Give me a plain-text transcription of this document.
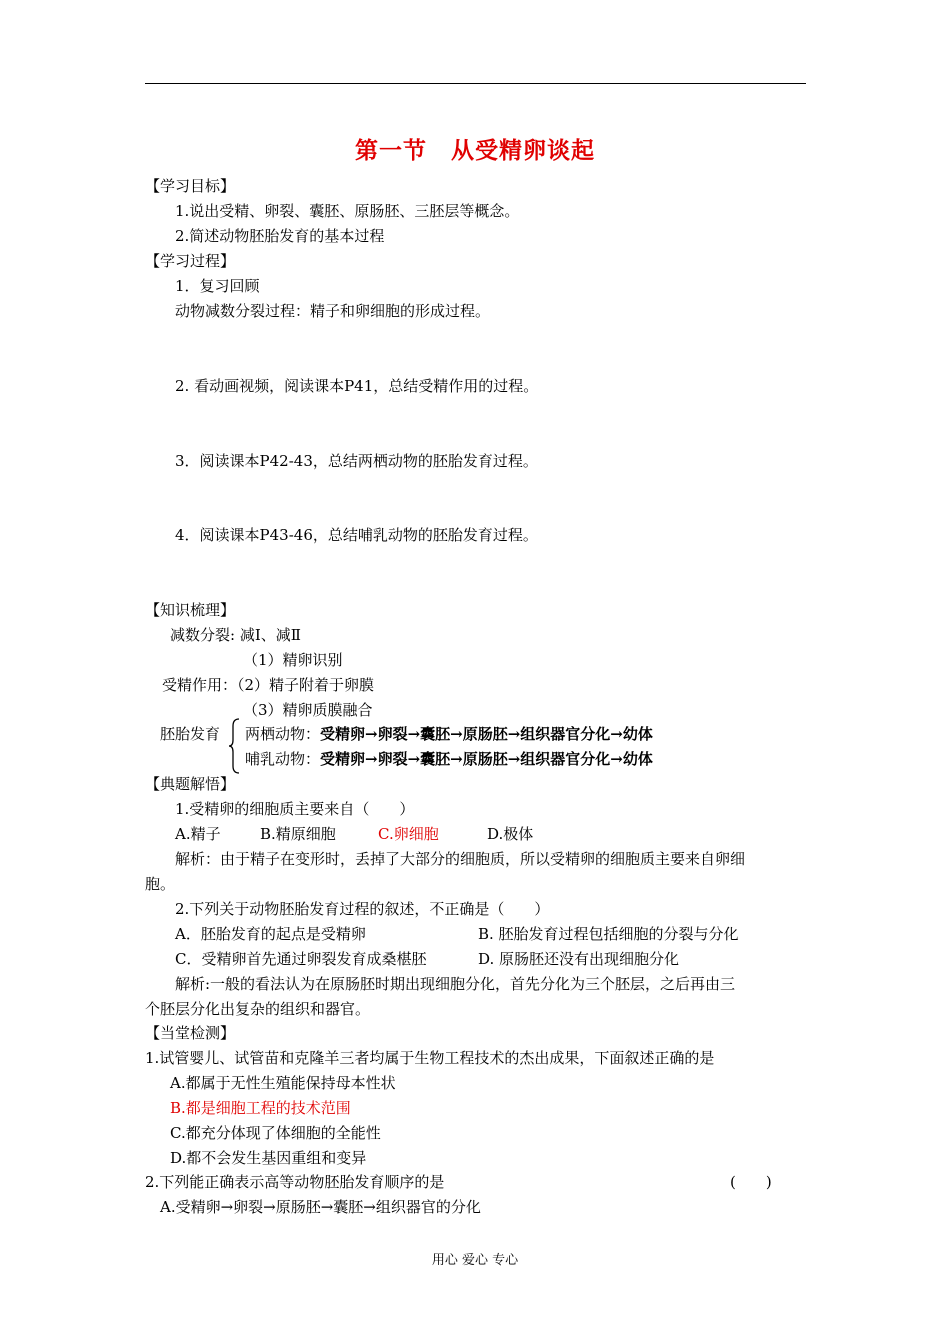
第一节　从受精卵谈起
【学习目标】
1.说出受精、卵裂、囊胚、原肠胚、三胚层等概念。
2.简述动物胚胎发育的基本过程
【学习过程】
1．复习回顾
动物减数分裂过程：精子和卵细胞的形成过程。
2. 看动画视频，阅读课本P41，总结受精作用的过程。
3．阅读课本P42-43，总结两栖动物的胚胎发育过程。
4．阅读课本P43-46，总结哺乳动物的胚胎发育过程。
【知识梳理】
减数分裂: 减Ⅰ、减Ⅱ
（1）精卵识别
受精作用：（2）精子附着于卵膜
（3）精卵质膜融合
胚胎发育 两栖动物：受精卵→卵裂→囊胚→原肠胚→组织器官分化→幼体
哺乳动物：受精卵→卵裂→囊胚→原肠胚→组织器官分化→幼体
【典题解悟】
1.受精卵的细胞质主要来自（　　）
A.精子	B.精原细胞	C.卵细胞	D.极体
解析：由于精子在变形时，丢掉了大部分的细胞质，所以受精卵的细胞质主要来自卵细
胞。
2.下列关于动物胚胎发育过程的叙述，不正确是（　　）
A．胚胎发育的起点是受精卵	B. 胚胎发育过程包括细胞的分裂与分化
C．受精卵首先通过卵裂发育成桑椹胚	D. 原肠胚还没有出现细胞分化
解析:一般的看法认为在原肠胚时期出现细胞分化，首先分化为三个胚层，之后再由三
个胚层分化出复杂的组织和器官。
【当堂检测】
1.试管婴儿、试管苗和克隆羊三者均属于生物工程技术的杰出成果，下面叙述正确的是
A.都属于无性生殖能保持母本性状
B.都是细胞工程的技术范围
C.都充分体现了体细胞的全能性
D.都不会发生基因重组和变异
2.下列能正确表示高等动物胚胎发育顺序的是	(　　)
A.受精卵→卵裂→原肠胚→囊胚→组织器官的分化
用心 爱心 专心
